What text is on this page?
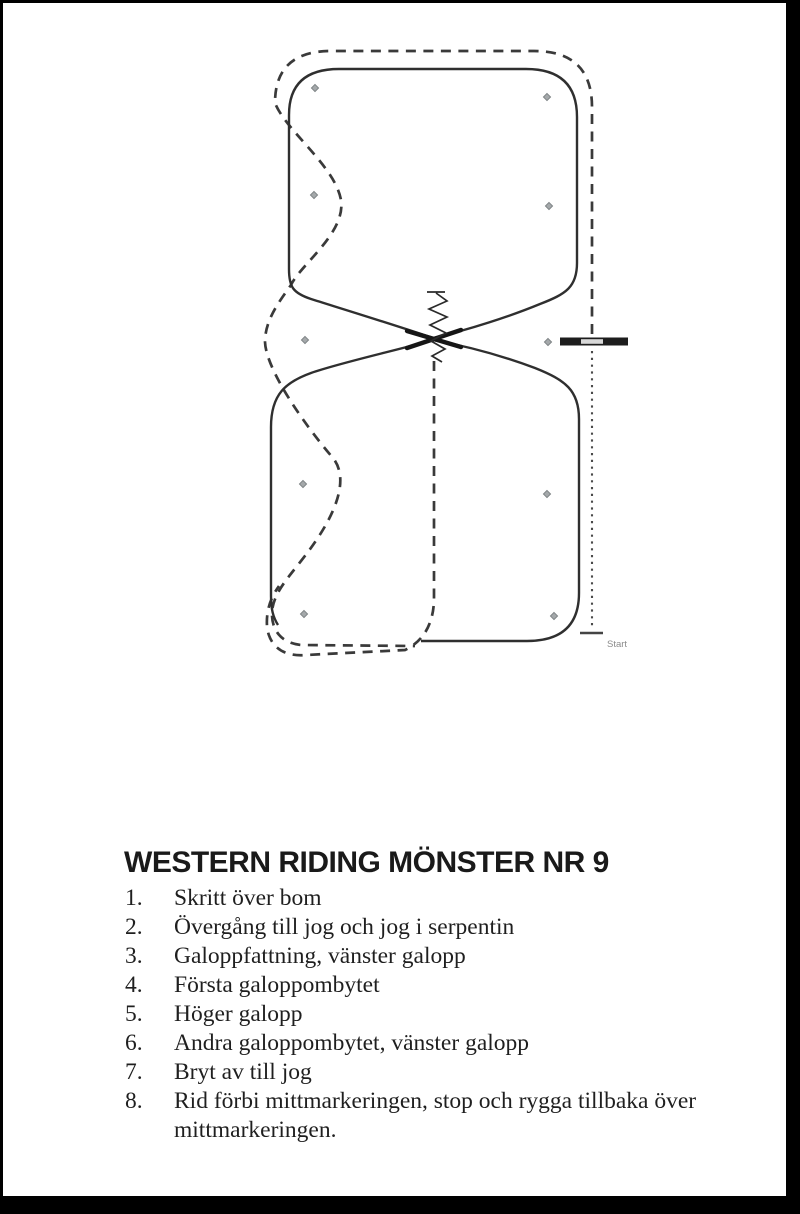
Start
WESTERN RIDING MÖNSTER NR 9
1.	Skritt över bom
2.	Övergång till jog och jog i serpentin
3.	Galoppfattning, vänster galopp
4.	Första galoppombytet
5.	Höger galopp
6.	Andra galoppombytet, vänster galopp
7.	Bryt av till jog
8.	Rid förbi mittmarkeringen, stop och rygga tillbaka över mittmarkeringen.
